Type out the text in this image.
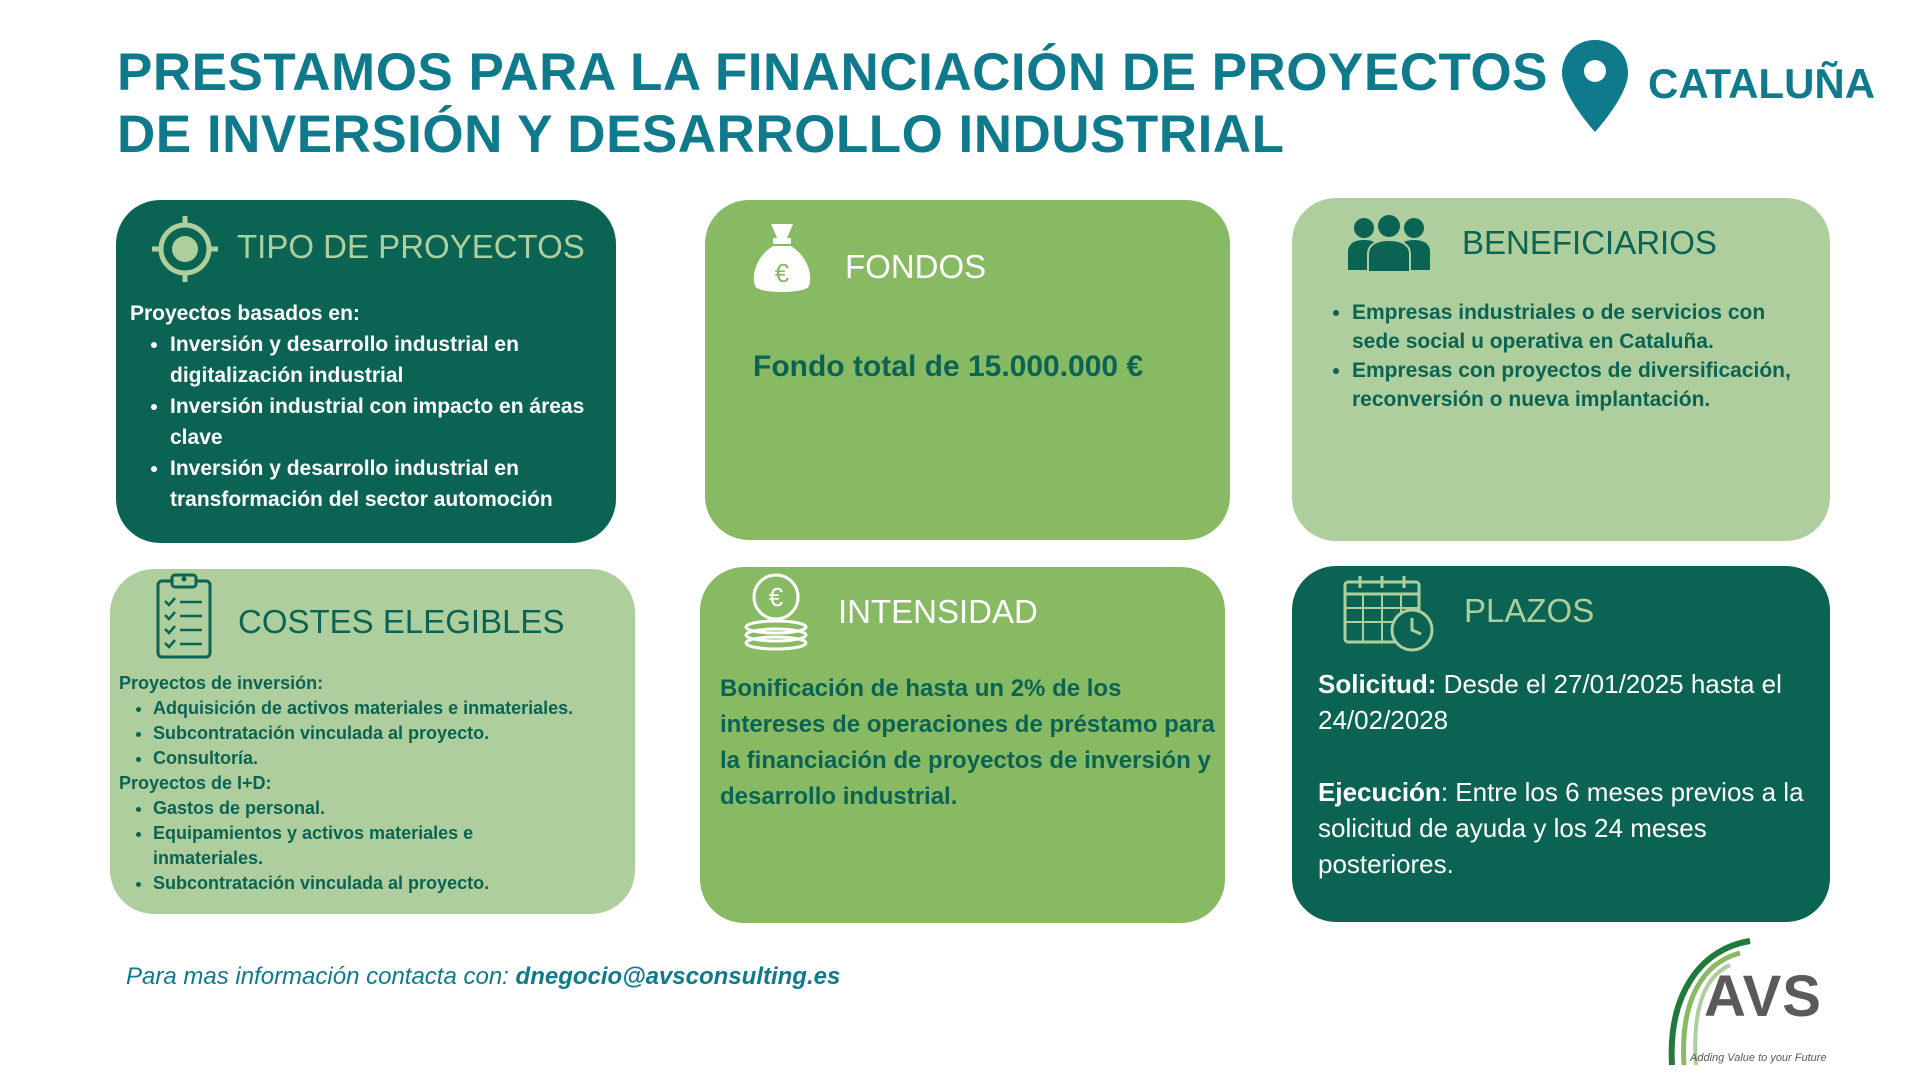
PRESTAMOS PARA LA FINANCIACIÓN DE PROYECTOS
DE INVERSIÓN Y DESARROLLO INDUSTRIAL
CATALUÑA
TIPO DE PROYECTOS
Proyectos basados en:
• Inversión y desarrollo industrial en digitalización industrial
• Inversión industrial con impacto en áreas clave
• Inversión y desarrollo industrial en transformación del sector automoción
€ FONDOS
Fondo total de 15.000.000 €
BENEFICIARIOS
• Empresas industriales o de servicios con sede social u operativa en Cataluña.
• Empresas con proyectos de diversificación, reconversión o nueva implantación.
COSTES ELEGIBLES
Proyectos de inversión:
• Adquisición de activos materiales e inmateriales.
• Subcontratación vinculada al proyecto.
• Consultoría.
Proyectos de I+D:
• Gastos de personal.
• Equipamientos y activos materiales e inmateriales.
• Subcontratación vinculada al proyecto.
€ INTENSIDAD
Bonificación de hasta un 2% de los intereses de operaciones de préstamo para la financiación de proyectos de inversión y desarrollo industrial.
PLAZOS
Solicitud: Desde el 27/01/2025 hasta el 24/02/2028
Ejecución: Entre los 6 meses previos a la solicitud de ayuda y los 24 meses posteriores.
Para mas información contacta con: dnegocio@avsconsulting.es	AVS
Adding Value to your Future
